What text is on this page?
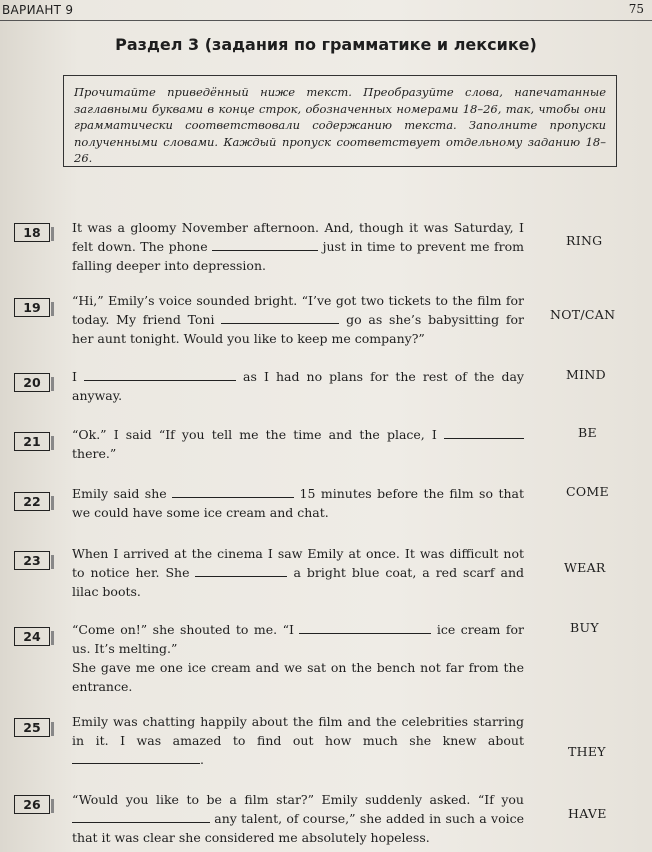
ВАРИАНТ 9	75
Раздел 3 (задания по грамматике и лексике)
Прочитайте приведённый ниже текст. Преобразуйте слова, напечатанные заглавными буквами в конце строк, обозначенных номерами 18–26, так, чтобы они грамматически соответствовали содержанию текста. Заполните пропуски полученными словами. Каждый пропуск соответствует отдельному заданию 18–26.
18	It was a gloomy November afternoon. And, though it was Saturday, I felt down. The phone	just in time to prevent me from falling deeper into depression.
RING
19	“Hi,” Emily’s voice sounded bright. “I’ve got two tickets to the film for today. My friend Toni	go as she’s babysitting for her aunt tonight. Would you like to keep me company?”
NOT/CAN
20	I	as I had no plans for the rest of the day anyway.
MIND
21	“Ok.” I said “If you tell me the time and the place, I  there.”
BE
22
Emily said she	15 minutes before the film so that we could have some ice cream and chat.
COME
23	When I arrived at the cinema I saw Emily at once. It was difficult not to notice her. She	a bright blue coat, a red scarf and lilac boots.
WEAR
24	“Come on!” she shouted to me. “I	ice cream for us. It’s melting.”
She gave me one ice cream and we sat on the bench not far from the entrance.
BUY
25	Emily was chatting happily about the film and the celebrities starring in it. I was amazed to find out how much she knew about .
THEY
26	“Would you like to be a film star?” Emily suddenly asked. “If you  any talent, of course,” she added in such a voice that it was clear she considered me absolutely hopeless.
HAVE
